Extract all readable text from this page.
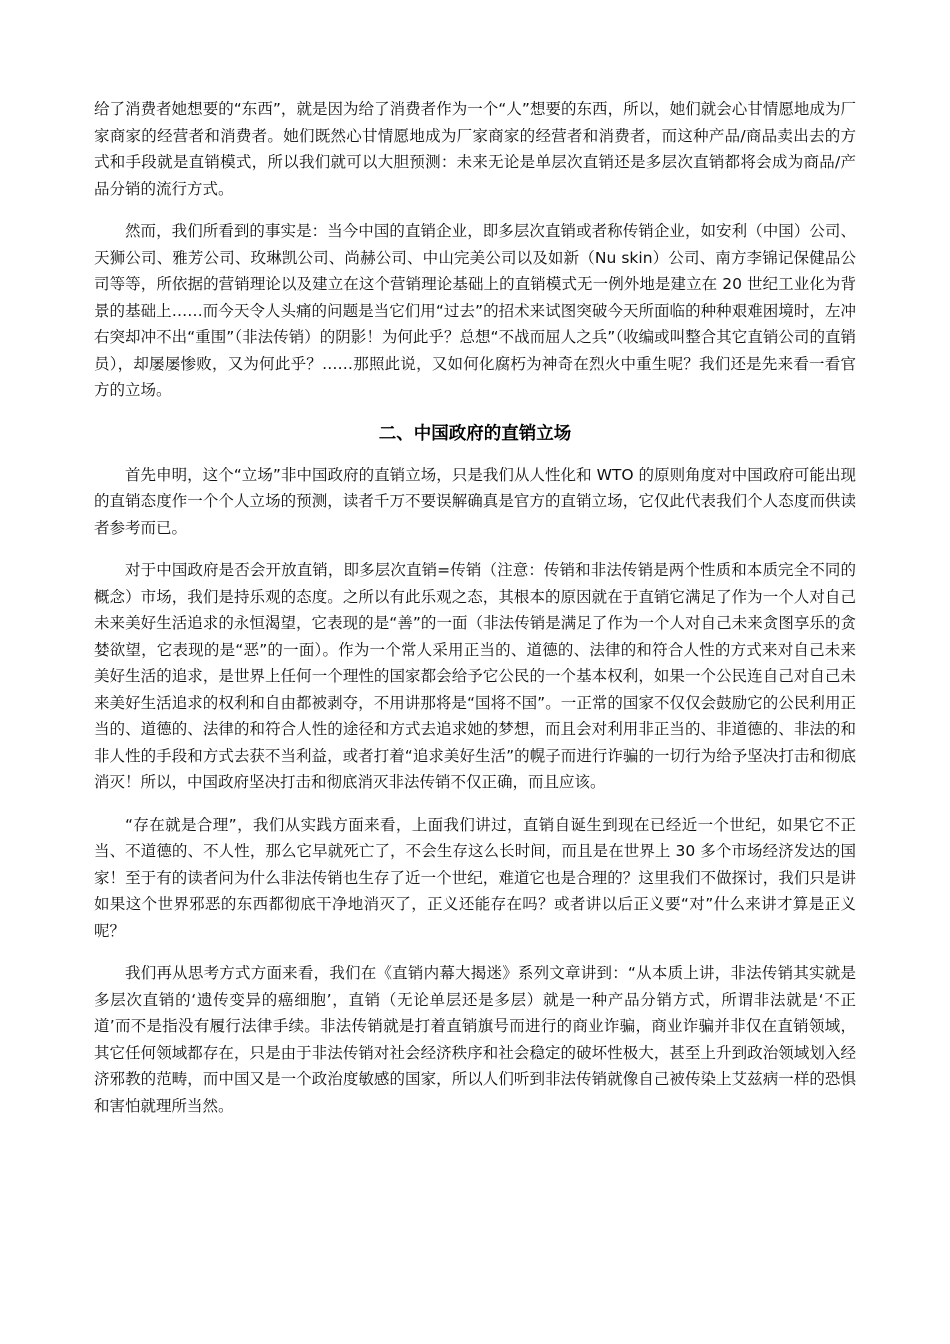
给了消费者她想要的“东西”，就是因为给了消费者作为一个“人”想要的东西，所以，她们就会心甘情愿地成为厂家商家的经营者和消费者。她们既然心甘情愿地成为厂家商家的经营者和消费者，而这种产品/商品卖出去的方式和手段就是直销模式，所以我们就可以大胆预测：未来无论是单层次直销还是多层次直销都将会成为商品/产品分销的流行方式。

然而，我们所看到的事实是：当今中国的直销企业，即多层次直销或者称传销企业，如安利（中国）公司、天狮公司、雅芳公司、玫琳凯公司、尚赫公司、中山完美公司以及如新（Nu skin）公司、南方李锦记保健品公司等等，所依据的营销理论以及建立在这个营销理论基础上的直销模式无一例外地是建立在 20 世纪工业化为背景的基础上……而今天令人头痛的问题是当它们用“过去”的招术来试图突破今天所面临的种种艰难困境时，左冲右突却冲不出“重围”（非法传销）的阴影！为何此乎？总想“不战而屈人之兵”（收编或叫整合其它直销公司的直销员），却屡屡惨败，又为何此乎？……那照此说，又如何化腐朽为神奇在烈火中重生呢？我们还是先来看一看官方的立场。

二、中国政府的直销立场

首先申明，这个“立场”非中国政府的直销立场，只是我们从人性化和 WTO 的原则角度对中国政府可能出现的直销态度作一个个人立场的预测，读者千万不要误解确真是官方的直销立场，它仅此代表我们个人态度而供读者参考而已。

对于中国政府是否会开放直销，即多层次直销=传销（注意：传销和非法传销是两个性质和本质完全不同的概念）市场，我们是持乐观的态度。之所以有此乐观之态，其根本的原因就在于直销它满足了作为一个人对自己未来美好生活追求的永恒渴望，它表现的是“善”的一面（非法传销是满足了作为一个人对自己未来贪图享乐的贪婪欲望，它表现的是“恶”的一面）。作为一个常人采用正当的、道德的、法律的和符合人性的方式来对自己未来美好生活的追求，是世界上任何一个理性的国家都会给予它公民的一个基本权利，如果一个公民连自己对自己未来美好生活追求的权利和自由都被剥夺，不用讲那将是“国将不国”。一正常的国家不仅仅会鼓励它的公民利用正当的、道德的、法律的和符合人性的途径和方式去追求她的梦想，而且会对利用非正当的、非道德的、非法的和非人性的手段和方式去获不当利益，或者打着“追求美好生活”的幌子而进行诈骗的一切行为给予坚决打击和彻底消灭！所以，中国政府坚决打击和彻底消灭非法传销不仅正确，而且应该。

“存在就是合理”，我们从实践方面来看，上面我们讲过，直销自诞生到现在已经近一个世纪，如果它不正当、不道德的、不人性，那么它早就死亡了，不会生存这么长时间，而且是在世界上 30 多个市场经济发达的国家！至于有的读者问为什么非法传销也生存了近一个世纪，难道它也是合理的？这里我们不做探讨，我们只是讲如果这个世界邪恶的东西都彻底干净地消灭了，正义还能存在吗？或者讲以后正义要“对”什么来讲才算是正义呢？

我们再从思考方式方面来看，我们在《直销内幕大揭迷》系列文章讲到：“从本质上讲，非法传销其实就是多层次直销的‘遗传变异的癌细胞’，直销（无论单层还是多层）就是一种产品分销方式，所谓非法就是‘不正道’而不是指没有履行法律手续。非法传销就是打着直销旗号而进行的商业诈骗，商业诈骗并非仅在直销领域，其它任何领域都存在，只是由于非法传销对社会经济秩序和社会稳定的破坏性极大，甚至上升到政治领域划入经济邪教的范畴，而中国又是一个政治度敏感的国家，所以人们听到非法传销就像自己被传染上艾兹病一样的恐惧和害怕就理所当然。
